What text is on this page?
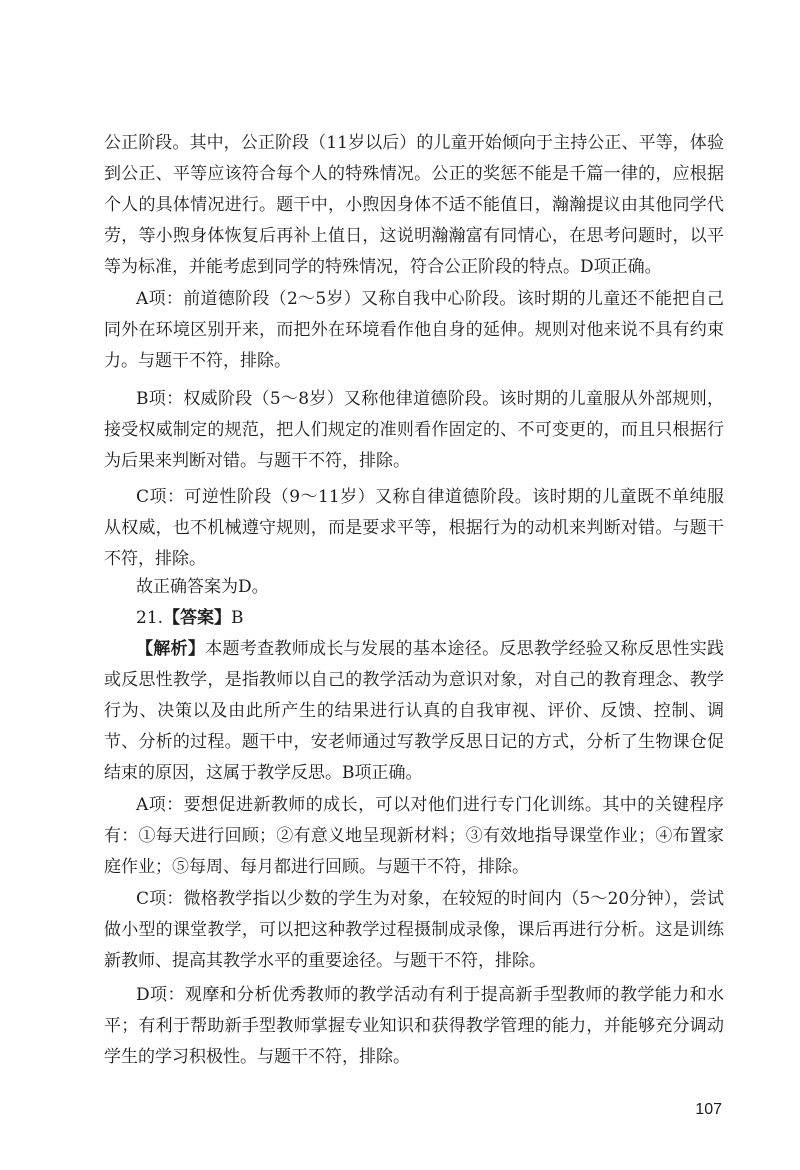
公正阶段。其中，公正阶段（11岁以后）的儿童开始倾向于主持公正、平等，体验到公正、平等应该符合每个人的特殊情况。公正的奖惩不能是千篇一律的，应根据个人的具体情况进行。题干中，小煦因身体不适不能值日，瀚瀚提议由其他同学代劳，等小煦身体恢复后再补上值日，这说明瀚瀚富有同情心，在思考问题时，以平等为标准，并能考虑到同学的特殊情况，符合公正阶段的特点。D项正确。

A项：前道德阶段（2～5岁）又称自我中心阶段。该时期的儿童还不能把自己同外在环境区别开来，而把外在环境看作他自身的延伸。规则对他来说不具有约束力。与题干不符，排除。

B项：权威阶段（5～8岁）又称他律道德阶段。该时期的儿童服从外部规则，接受权威制定的规范，把人们规定的准则看作固定的、不可变更的，而且只根据行为后果来判断对错。与题干不符，排除。

C项：可逆性阶段（9～11岁）又称自律道德阶段。该时期的儿童既不单纯服从权威，也不机械遵守规则，而是要求平等，根据行为的动机来判断对错。与题干不符，排除。

故正确答案为D。

21.【答案】B

【解析】本题考查教师成长与发展的基本途径。反思教学经验又称反思性实践或反思性教学，是指教师以自己的教学活动为意识对象，对自己的教育理念、教学行为、决策以及由此所产生的结果进行认真的自我审视、评价、反馈、控制、调节、分析的过程。题干中，安老师通过写教学反思日记的方式，分析了生物课仓促结束的原因，这属于教学反思。B项正确。

A项：要想促进新教师的成长，可以对他们进行专门化训练。其中的关键程序有：①每天进行回顾；②有意义地呈现新材料；③有效地指导课堂作业；④布置家庭作业；⑤每周、每月都进行回顾。与题干不符，排除。

C项：微格教学指以少数的学生为对象，在较短的时间内（5～20分钟），尝试做小型的课堂教学，可以把这种教学过程摄制成录像，课后再进行分析。这是训练新教师、提高其教学水平的重要途径。与题干不符，排除。

D项：观摩和分析优秀教师的教学活动有利于提高新手型教师的教学能力和水平；有利于帮助新手型教师掌握专业知识和获得教学管理的能力，并能够充分调动学生的学习积极性。与题干不符，排除。

107
